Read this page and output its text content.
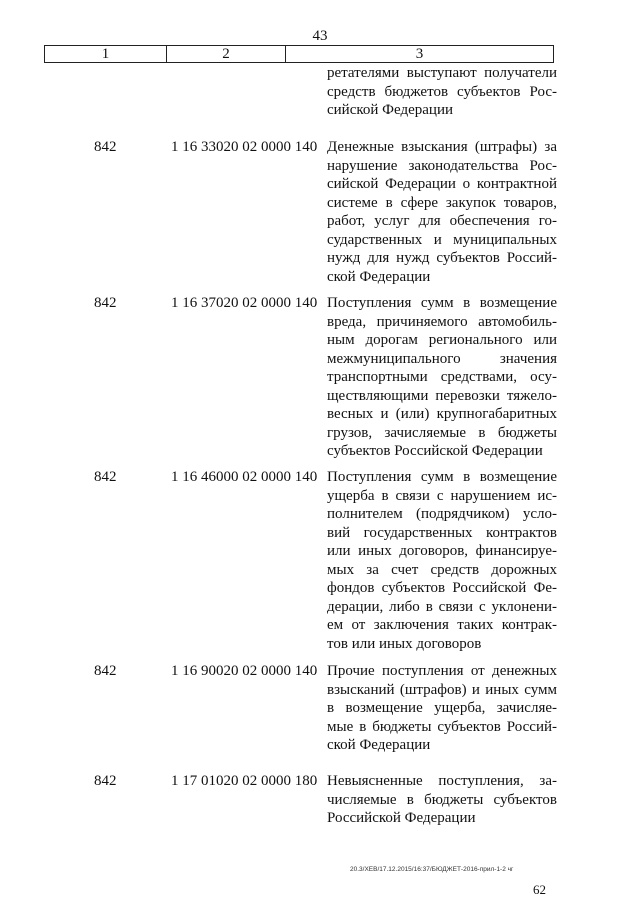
43
1	2	3
ретателями выступают получатели
средств бюджетов субъектов Рос-
сийской Федерации
842	1 16 33020 02 0000 140 Денежные взыскания (штрафы) за
нарушение законодательства Рос-
сийской Федерации о контрактной
системе в сфере закупок товаров,
работ, услуг для обеспечения го-
сударственных и муниципальных
нужд для нужд субъектов Россий-
ской Федерации
842	1 16 37020 02 0000 140 Поступления сумм в возмещение
вреда, причиняемого автомобиль-
ным дорогам регионального или
межмуниципального значения
транспортными средствами, осу-
ществляющими перевозки тяжело-
весных и (или) крупногабаритных
грузов, зачисляемые в бюджеты
субъектов Российской Федерации
842	1 16 46000 02 0000 140 Поступления сумм в возмещение
ущерба в связи с нарушением ис-
полнителем (подрядчиком) усло-
вий государственных контрактов
или иных договоров, финансируе-
мых за счет средств дорожных
фондов субъектов Российской Фе-
дерации, либо в связи с уклонени-
ем от заключения таких контрак-
тов или иных договоров
842	1 16 90020 02 0000 140 Прочие поступления от денежных
взысканий (штрафов) и иных сумм
в возмещение ущерба, зачисляе-
мые в бюджеты субъектов Россий-
ской Федерации
842	1 17 01020 02 0000 180 Невыясненные поступления, за-
числяемые в бюджеты субъектов
Российской Федерации
20.3/ХЕВ/17.12.2015/16:37/БЮДЖЕТ-2016-прил-1-2 чг
62
